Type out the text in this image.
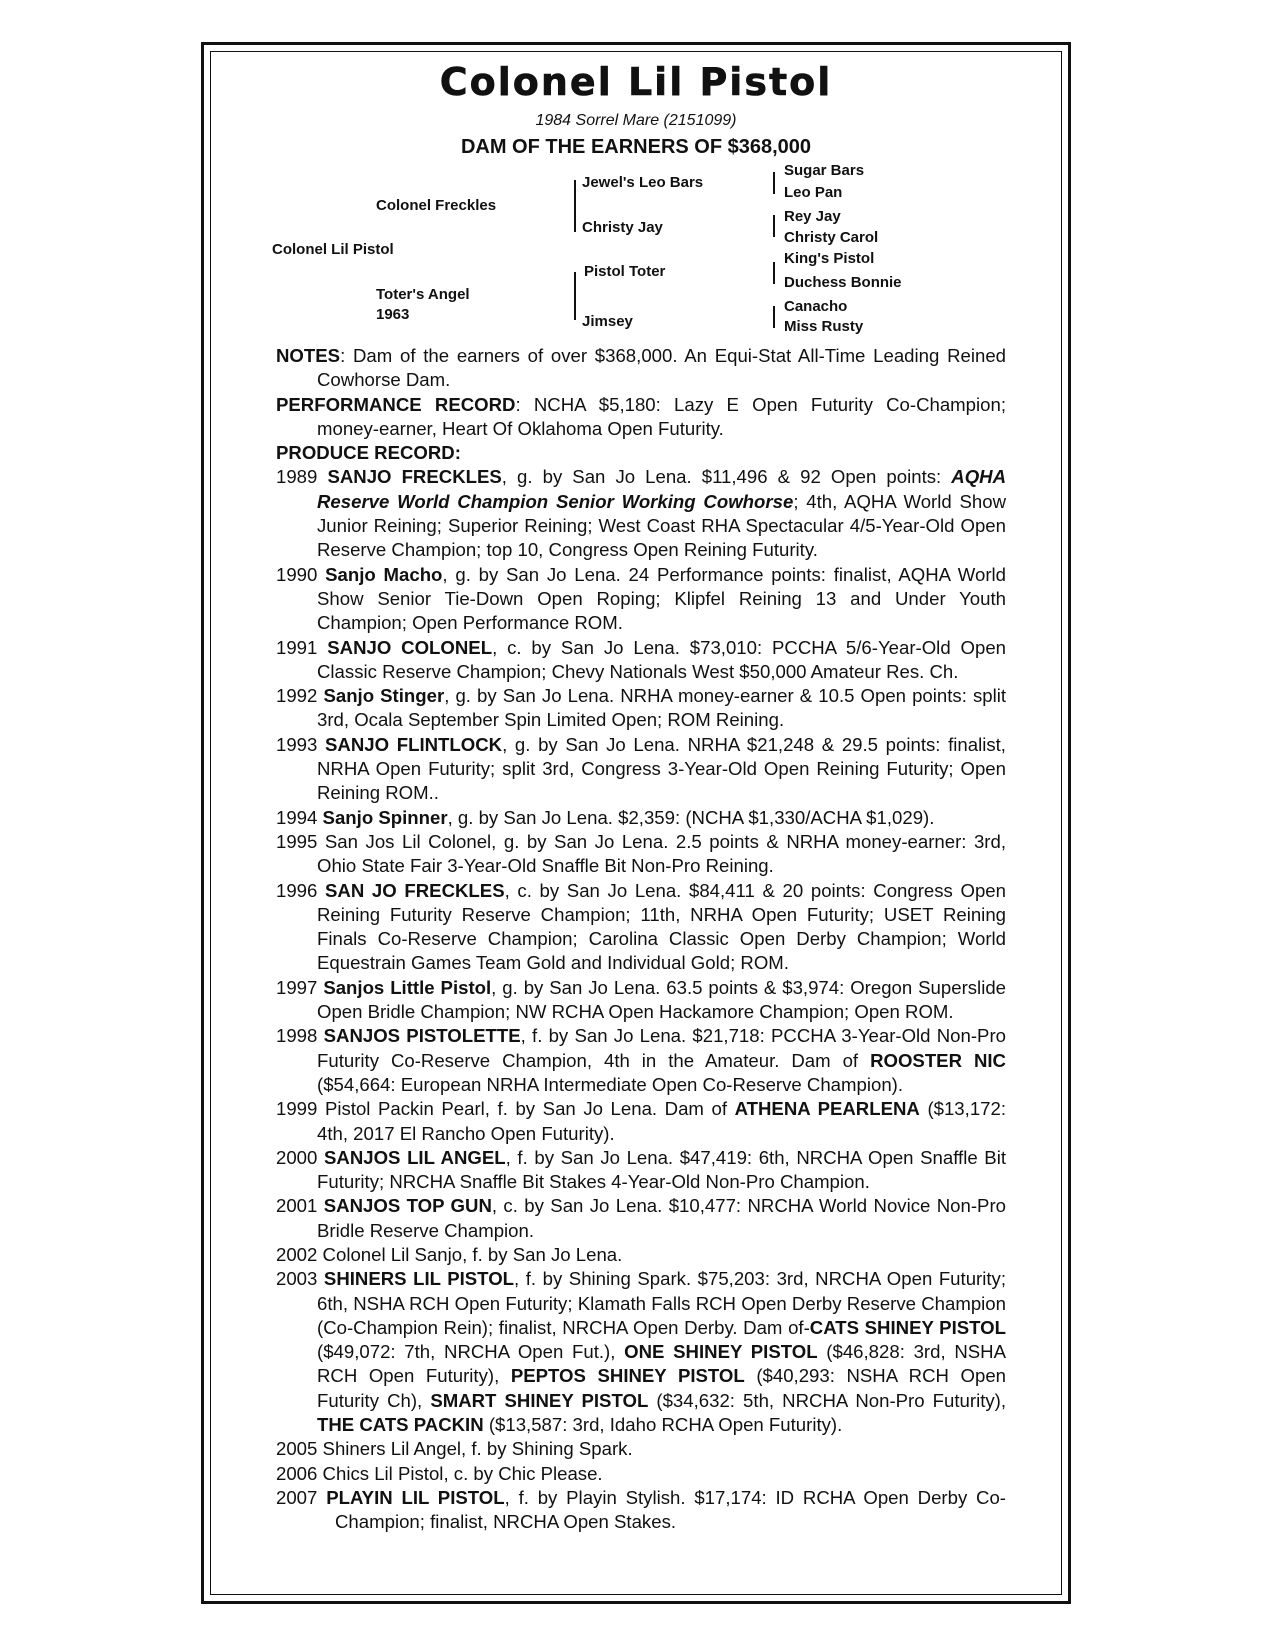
Colonel Lil Pistol
1984 Sorrel Mare (2151099)
DAM OF THE EARNERS OF $368,000
Colonel Lil Pistol
Colonel Freckles
Toter's Angel
1963
Jewel's Leo Bars
Christy Jay
Pistol Toter
Jimsey
Sugar Bars
Leo Pan
Rey Jay
Christy Carol
King's Pistol
Duchess Bonnie
Canacho
Miss Rusty

NOTES: Dam of the earners of over $368,000. An Equi-Stat All-Time Leading Reined Cowhorse Dam.

PERFORMANCE RECORD: NCHA $5,180: Lazy E Open Futurity Co-Champion; money-earner, Heart Of Oklahoma Open Futurity.

PRODUCE RECORD:

1989 SANJO FRECKLES, g. by San Jo Lena. $11,496 & 92 Open points: AQHA Reserve World Champion Senior Working Cowhorse; 4th, AQHA World Show Junior Reining; Superior Reining; West Coast RHA Spectacular 4/5-Year-Old Open Reserve Champion; top 10, Congress Open Reining Futurity.

1990 Sanjo Macho, g. by San Jo Lena. 24 Performance points: finalist, AQHA World Show Senior Tie-Down Open Roping; Klipfel Reining 13 and Under Youth Champion; Open Performance ROM.

1991 SANJO COLONEL, c. by San Jo Lena. $73,010: PCCHA 5/6-Year-Old Open Classic Reserve Champion; Chevy Nationals West $50,000 Amateur Res. Ch.

1992 Sanjo Stinger, g. by San Jo Lena. NRHA money-earner & 10.5 Open points: split 3rd, Ocala September Spin Limited Open; ROM Reining.

1993 SANJO FLINTLOCK, g. by San Jo Lena. NRHA $21,248 & 29.5 points: finalist, NRHA Open Futurity; split 3rd, Congress 3-Year-Old Open Reining Futurity; Open Reining ROM..

1994 Sanjo Spinner, g. by San Jo Lena. $2,359: (NCHA $1,330/ACHA $1,029).

1995 San Jos Lil Colonel, g. by San Jo Lena. 2.5 points & NRHA money-earner: 3rd, Ohio State Fair 3-Year-Old Snaffle Bit Non-Pro Reining.

1996 SAN JO FRECKLES, c. by San Jo Lena. $84,411 & 20 points: Congress Open Reining Futurity Reserve Champion; 11th, NRHA Open Futurity; USET Reining Finals Co-Reserve Champion; Carolina Classic Open Derby Champion; World Equestrain Games Team Gold and Individual Gold; ROM.

1997 Sanjos Little Pistol, g. by San Jo Lena. 63.5 points & $3,974: Oregon Superslide Open Bridle Champion; NW RCHA Open Hackamore Champion; Open ROM.

1998 SANJOS PISTOLETTE, f. by San Jo Lena. $21,718: PCCHA 3-Year-Old Non-Pro Futurity Co-Reserve Champion, 4th in the Amateur. Dam of ROOSTER NIC ($54,664: European NRHA Intermediate Open Co-Reserve Champion).

1999 Pistol Packin Pearl, f. by San Jo Lena. Dam of ATHENA PEARLENA ($13,172: 4th, 2017 El Rancho Open Futurity).

2000 SANJOS LIL ANGEL, f. by San Jo Lena. $47,419: 6th, NRCHA Open Snaffle Bit Futurity; NRCHA Snaffle Bit Stakes 4-Year-Old Non-Pro Champion.

2001 SANJOS TOP GUN, c. by San Jo Lena. $10,477: NRCHA World Novice Non-Pro Bridle Reserve Champion.

2002 Colonel Lil Sanjo, f. by San Jo Lena.

2003 SHINERS LIL PISTOL, f. by Shining Spark. $75,203: 3rd, NRCHA Open Futurity; 6th, NSHA RCH Open Futurity; Klamath Falls RCH Open Derby Reserve Champion (Co-Champion Rein); finalist, NRCHA Open Derby. Dam of-CATS SHINEY PISTOL ($49,072: 7th, NRCHA Open Fut.), ONE SHINEY PISTOL ($46,828: 3rd, NSHA RCH Open Futurity), PEPTOS SHINEY PISTOL ($40,293: NSHA RCH Open Futurity Ch), SMART SHINEY PISTOL ($34,632: 5th, NRCHA Non-Pro Futurity), THE CATS PACKIN ($13,587: 3rd, Idaho RCHA Open Futurity).

2005 Shiners Lil Angel, f. by Shining Spark.

2006 Chics Lil Pistol, c. by Chic Please.

2007 PLAYIN LIL PISTOL, f. by Playin Stylish. $17,174: ID RCHA Open Derby Co-Champion; finalist, NRCHA Open Stakes.
